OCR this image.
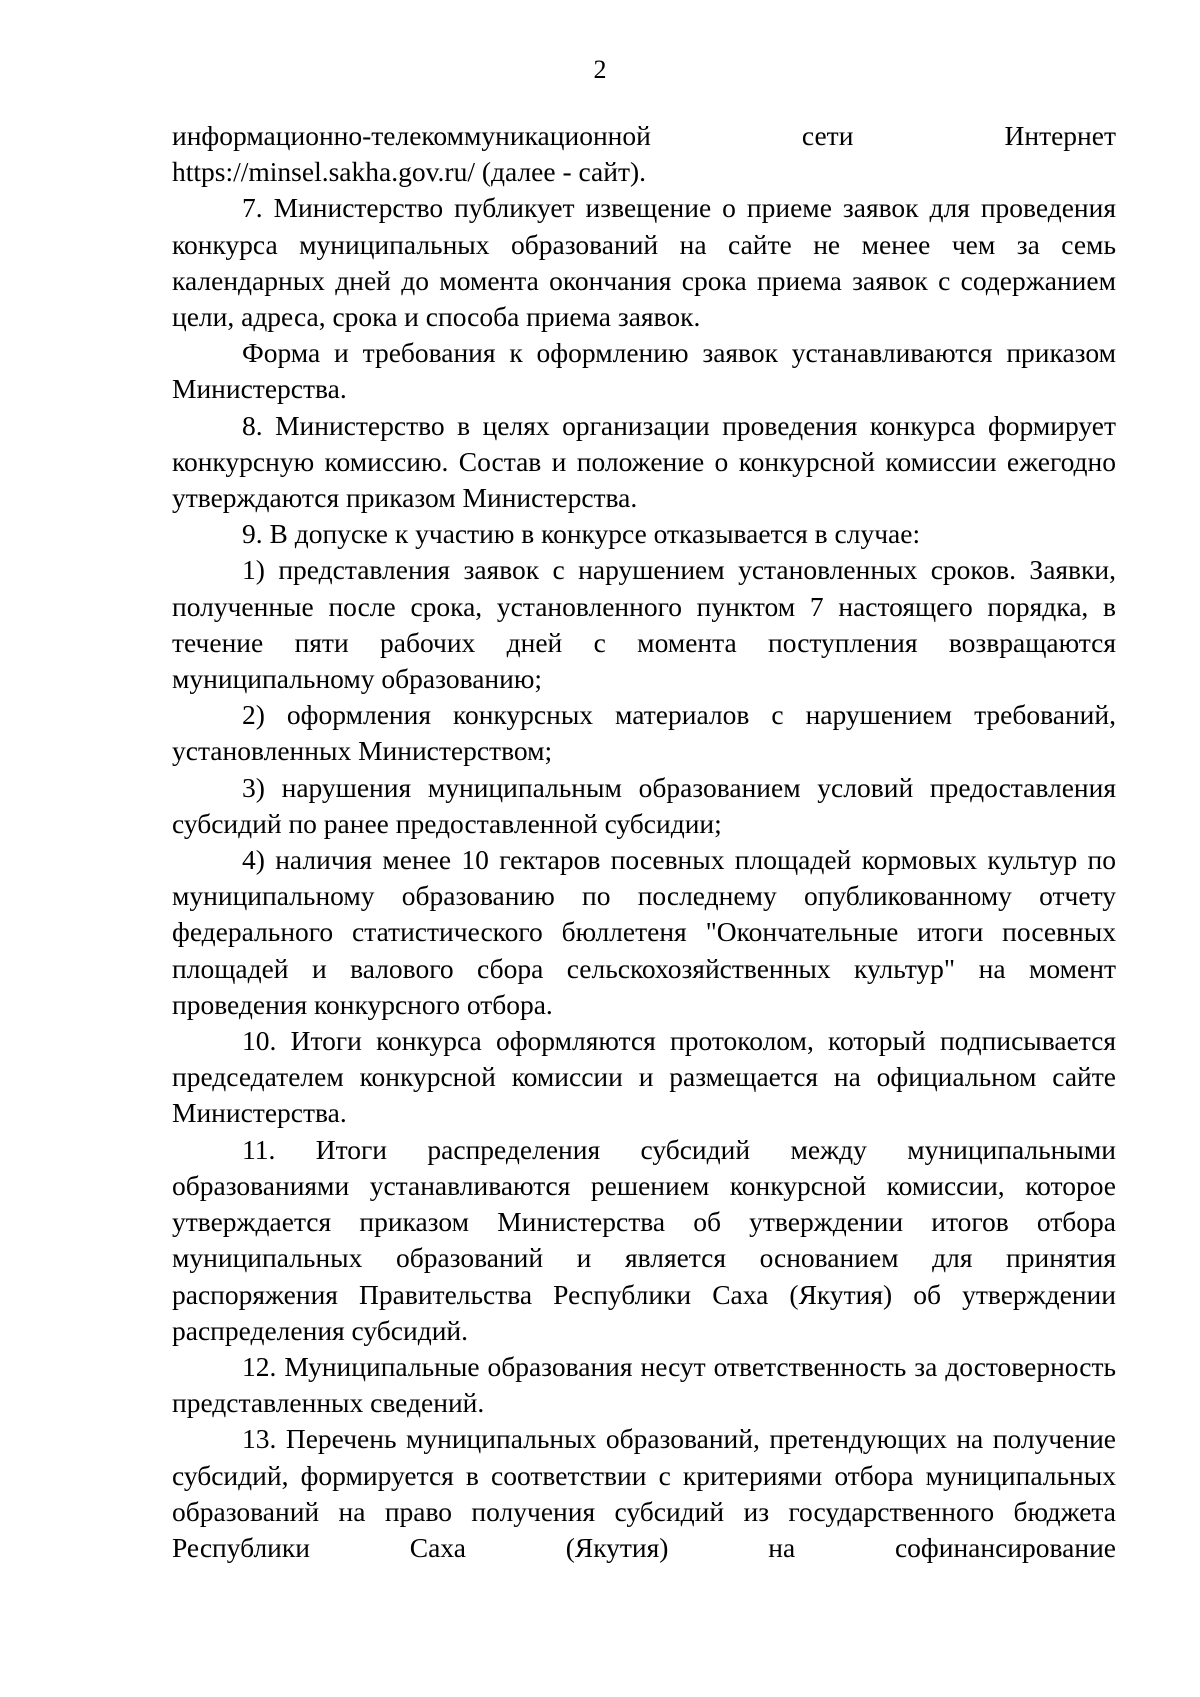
2

информационно-телекоммуникационной сети Интернет https://minsel.sakha.gov.ru/ (далее - сайт).

7. Министерство публикует извещение о приеме заявок для проведения конкурса муниципальных образований на сайте не менее чем за семь календарных дней до момента окончания срока приема заявок с содержанием цели, адреса, срока и способа приема заявок.

Форма и требования к оформлению заявок устанавливаются приказом Министерства.

8. Министерство в целях организации проведения конкурса формирует конкурсную комиссию. Состав и положение о конкурсной комиссии ежегодно утверждаются приказом Министерства.

9. В допуске к участию в конкурсе отказывается в случае:

1) представления заявок с нарушением установленных сроков. Заявки, полученные после срока, установленного пунктом 7 настоящего порядка, в течение пяти рабочих дней с момента поступления возвращаются муниципальному образованию;

2) оформления конкурсных материалов с нарушением требований, установленных Министерством;

3) нарушения муниципальным образованием условий предоставления субсидий по ранее предоставленной субсидии;

4) наличия менее 10 гектаров посевных площадей кормовых культур по муниципальному образованию по последнему опубликованному отчету федерального статистического бюллетеня "Окончательные итоги посевных площадей и валового сбора сельскохозяйственных культур" на момент проведения конкурсного отбора.

10. Итоги конкурса оформляются протоколом, который подписывается председателем конкурсной комиссии и размещается на официальном сайте Министерства.

11. Итоги распределения субсидий между муниципальными образованиями устанавливаются решением конкурсной комиссии, которое утверждается приказом Министерства об утверждении итогов отбора муниципальных образований и является основанием для принятия распоряжения Правительства Республики Саха (Якутия) об утверждении распределения субсидий.

12. Муниципальные образования несут ответственность за достоверность представленных сведений.

13. Перечень муниципальных образований, претендующих на получение субсидий, формируется в соответствии с критериями отбора муниципальных образований на право получения субсидий из государственного бюджета Республики Саха (Якутия) на софинансирование
